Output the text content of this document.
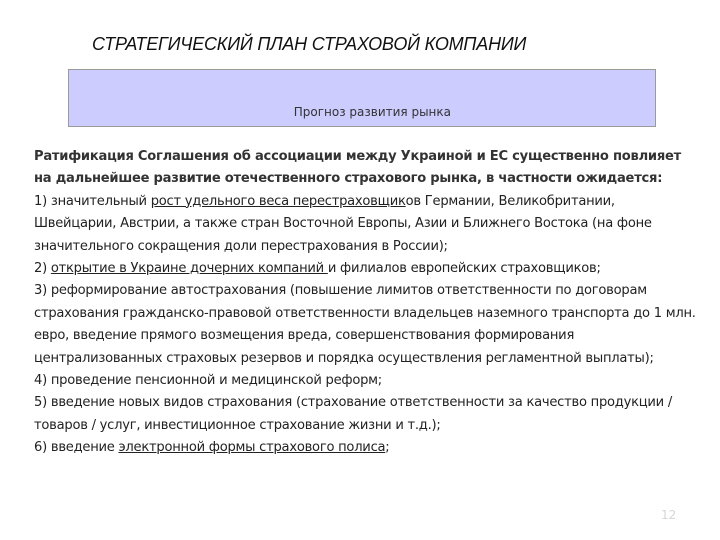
СТРАТЕГИЧЕСКИЙ ПЛАН СТРАХОВОЙ КОМПАНИИ
Прогноз развития рынка

Ратификация Соглашения об ассоциации между Украиной и ЕС существенно повлияет на дальнейшее развитие отечественного страхового рынка, в частности ожидается:

1) значительный рост удельного веса перестраховщиков Германии, Великобритании, Швейцарии, Австрии, а также стран Восточной Европы, Азии и Ближнего Востока (на фоне значительного сокращения доли перестрахования в России);

2) открытие в Украине дочерних компаний и филиалов европейских страховщиков;

3) реформирование автострахования (повышение лимитов ответственности по договорам страхования гражданско-правовой ответственности владельцев наземного транспорта до 1 млн. евро, введение прямого возмещения вреда, совершенствования формирования централизованных страховых резервов и порядка осуществления регламентной выплаты);

4) проведение пенсионной и медицинской реформ;

5) введение новых видов страхования (страхование ответственности за качество продукции / товаров / услуг, инвестиционное страхование жизни и т.д.);

6) введение электронной формы страхового полиса;

12
